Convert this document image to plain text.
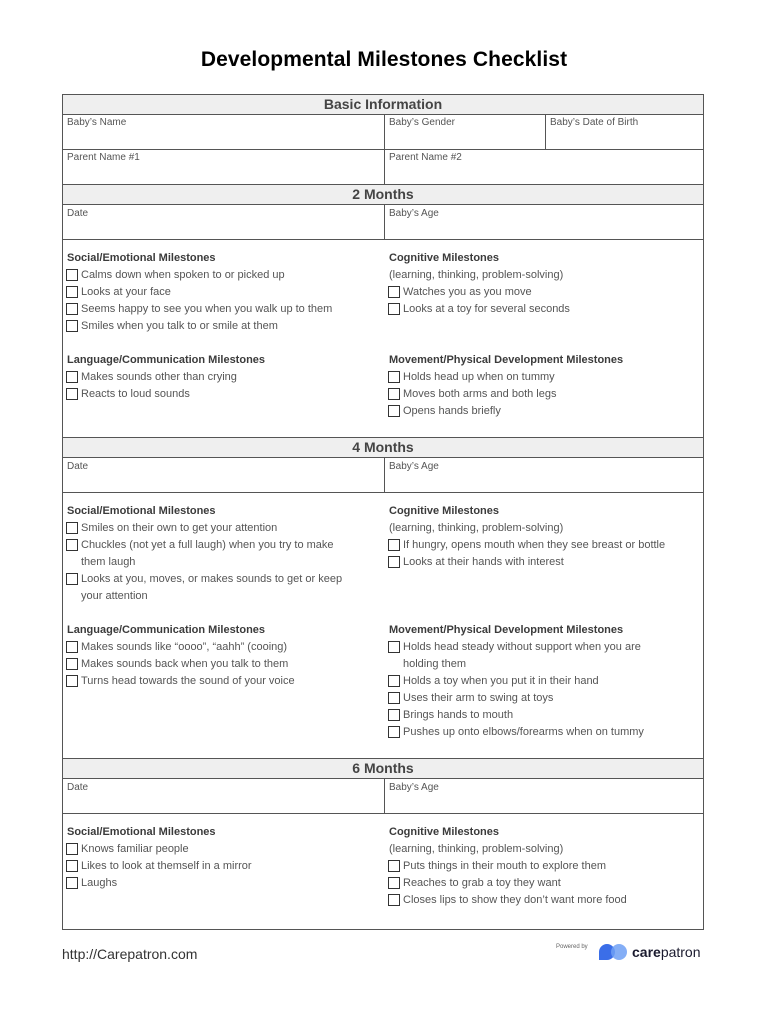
Developmental Milestones Checklist
Basic Information
Baby’s Name	Baby’s Gender	Baby’s Date of Birth
Parent Name #1	Parent Name #2
2 Months
Date	Baby’s Age
Social/Emotional Milestones
Calms down when spoken to or picked up
Looks at your face
Seems happy to see you when you walk up to them
Smiles when you talk to or smile at them
Cognitive Milestones
(learning, thinking, problem-solving)
Watches you as you move
Looks at a toy for several seconds
Language/Communication Milestones
Makes sounds other than crying
Reacts to loud sounds
Movement/Physical Development Milestones
Holds head up when on tummy
Moves both arms and both legs
Opens hands briefly
4 Months
Date	Baby’s Age
Social/Emotional Milestones
Smiles on their own to get your attention
Chuckles (not yet a full laugh) when you try to make
them laugh
Looks at you, moves, or makes sounds to get or keep
your attention
Cognitive Milestones
(learning, thinking, problem-solving)
If hungry, opens mouth when they see breast or bottle
Looks at their hands with interest
Language/Communication Milestones
Makes sounds like “oooo”, “aahh” (cooing)
Makes sounds back when you talk to them
Turns head towards the sound of your voice
Movement/Physical Development Milestones
Holds head steady without support when you are
holding them
Holds a toy when you put it in their hand
Uses their arm to swing at toys
Brings hands to mouth
Pushes up onto elbows/forearms when on tummy
6 Months
Date	Baby’s Age
Social/Emotional Milestones
Knows familiar people
Likes to look at themself in a mirror
Laughs
Cognitive Milestones
(learning, thinking, problem-solving)
Puts things in their mouth to explore them
Reaches to grab a toy they want
Closes lips to show they don’t want more food
http://Carepatron.com	Powered by	carepatron
